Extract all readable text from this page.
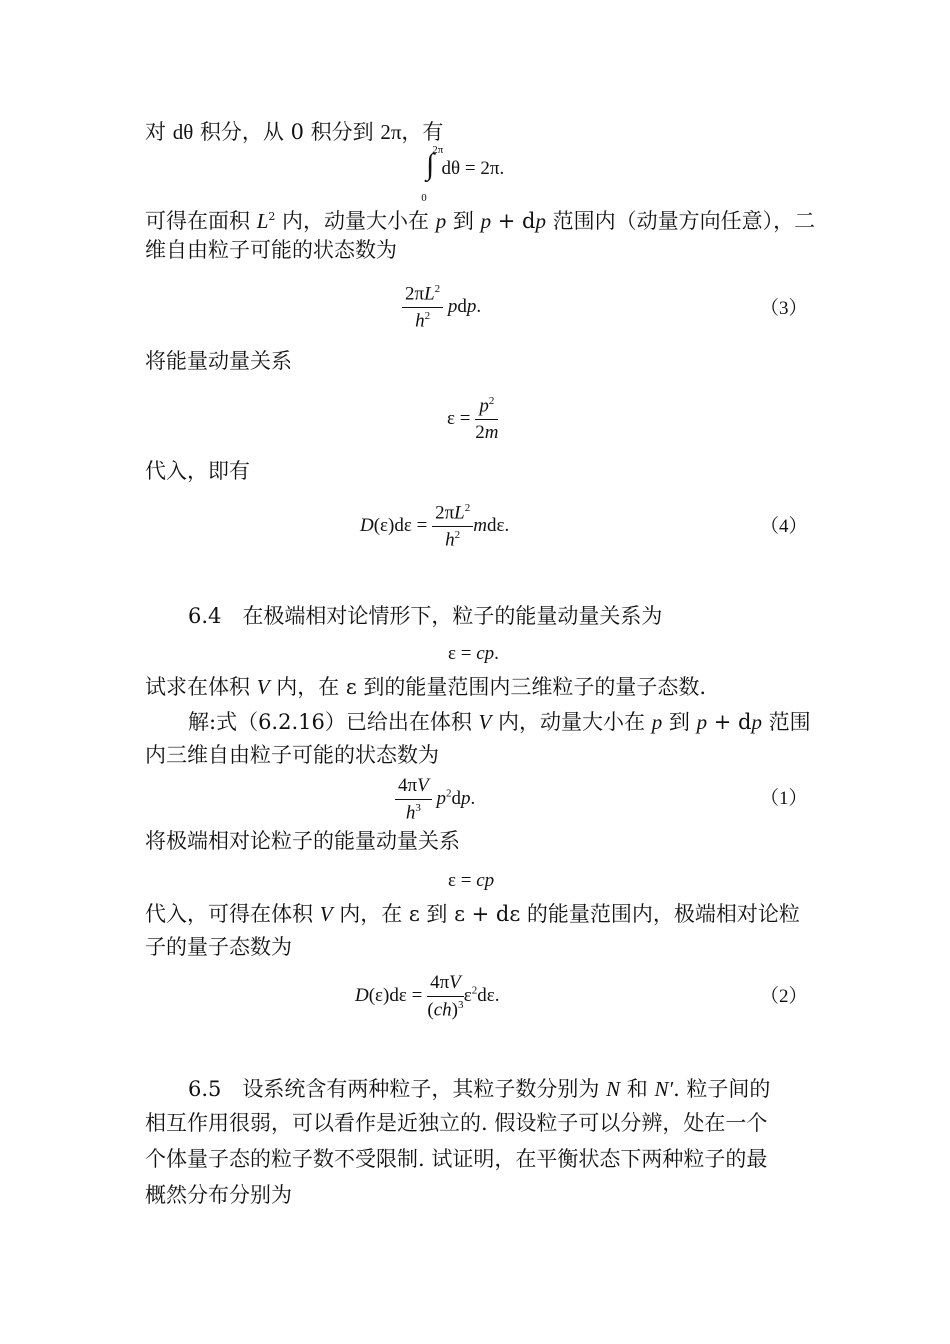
对 dθ 积分，从 0 积分到 2π，有
∫$^{2\pi}_0$ dθ = 2π.
可得在面积 $L^2$ 内，动量大小在 p 到 p + dp 范围内（动量方向任意），二
维自由粒子可能的状态数为
$\frac{2\pi L^2}{h^2}$ pdp.	（3）
将能量动量关系
$\varepsilon = \frac{p^2}{2m}$
代入，即有
$D(\varepsilon)d\varepsilon = \frac{2\pi L^2}{h^2} md\varepsilon$.	（4）
6.4　在极端相对论情形下，粒子的能量动量关系为
ε = cp.
试求在体积 V 内，在 ε 到的能量范围内三维粒子的量子态数.
解:式（6.2.16）已给出在体积 V 内，动量大小在 p 到 p + dp 范围
内三维自由粒子可能的状态数为
$\frac{4\pi V}{h^3} p^2dp$.	（1）
将极端相对论粒子的能量动量关系
ε = cp
代入，可得在体积 V 内，在 ε 到 ε + dε 的能量范围内，极端相对论粒
子的量子态数为
$D(\varepsilon)d\varepsilon = \frac{4\pi V}{(ch)^3} \varepsilon^2d\varepsilon$.	（2）
6.5　设系统含有两种粒子，其粒子数分别为 N 和 N′. 粒子间的
相互作用很弱，可以看作是近独立的. 假设粒子可以分辨，处在一个
个体量子态的粒子数不受限制. 试证明，在平衡状态下两种粒子的最
概然分布分别为
